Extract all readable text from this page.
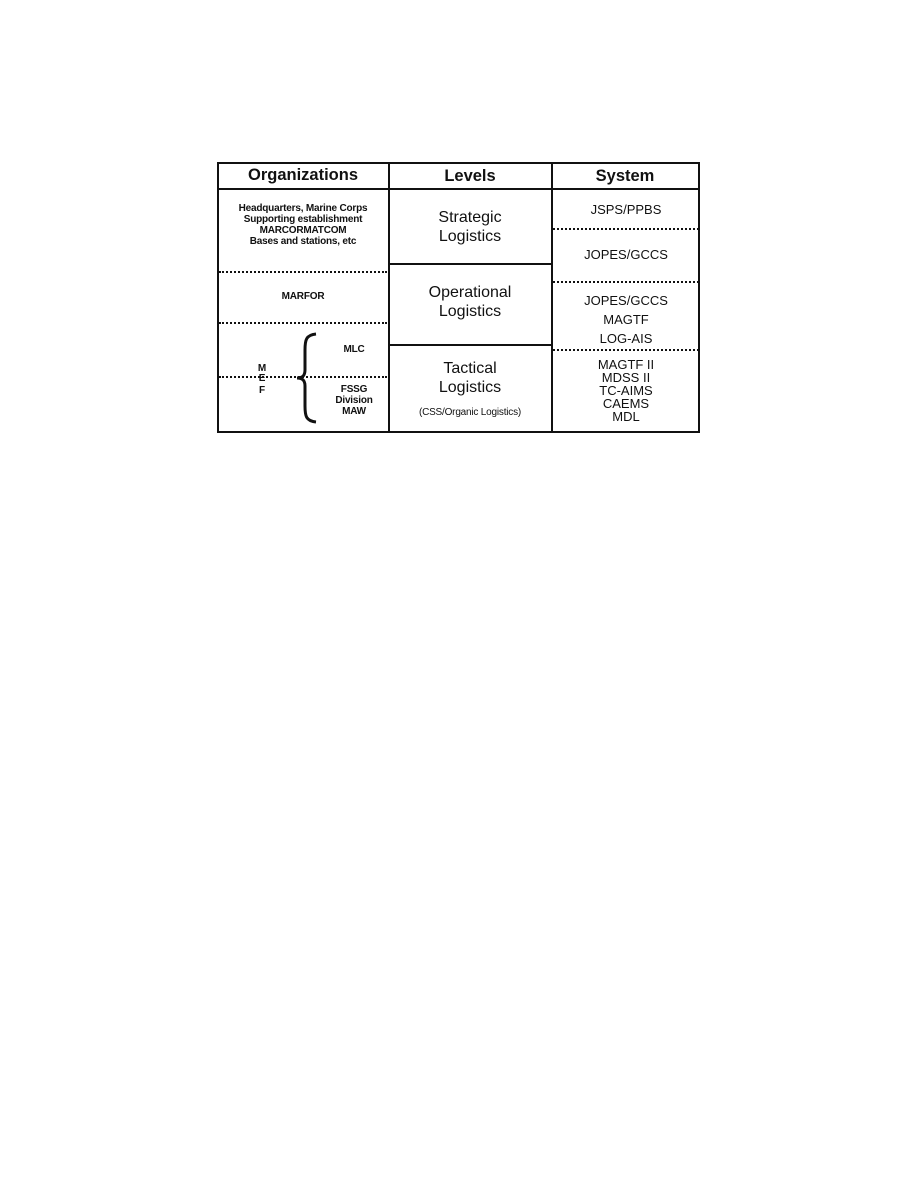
Organizations	Levels	System
Headquarters, Marine Corps
Supporting establishment
MARCORMATCOM
Bases and stations, etc
MARFOR
M
E
F
MLC
FSSG
Division
MAW
Strategic
Logistics
Operational
Logistics
Tactical
Logistics
(CSS/Organic Logistics)
JSPS/PPBS
JOPES/GCCS
JOPES/GCCS
MAGTF
LOG-AIS
MAGTF II
MDSS II
TC-AIMS
CAEMS
MDL
